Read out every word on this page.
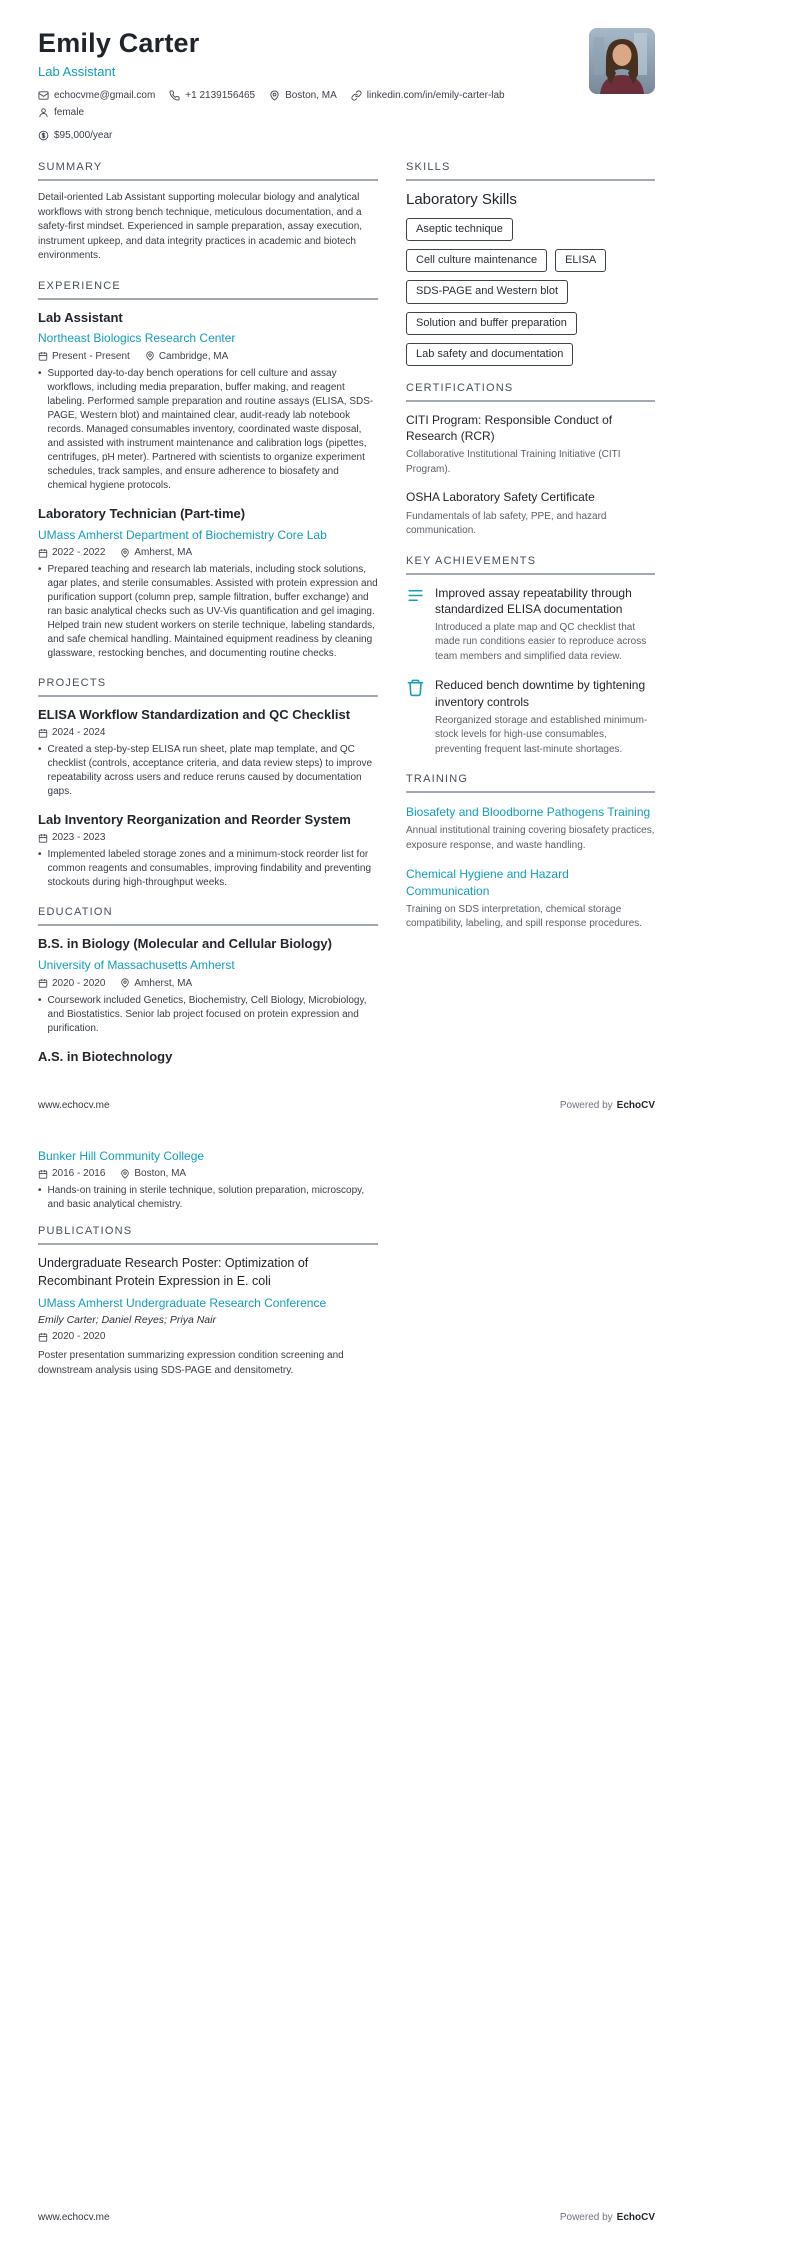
Emily Carter
Lab Assistant
echocvme@gmail.com	+1 2139156465	Boston, MA	linkedin.com/in/emily-carter-lab
female
$95,000/year
SUMMARY

Detail-oriented Lab Assistant supporting molecular biology and analytical workflows with strong bench technique, meticulous documentation, and a safety-first mindset. Experienced in sample preparation, assay execution, instrument upkeep, and data integrity practices in academic and biotech environments.

EXPERIENCE
Lab Assistant
Northeast Biologics Research Center
Present - Present	Cambridge, MA
• Supported day-to-day bench operations for cell culture and assay workflows, including media preparation, buffer making, and reagent labeling. Performed sample preparation and routine assays (ELISA, SDS-PAGE, Western blot) and maintained clear, audit-ready lab notebook records. Managed consumables inventory, coordinated waste disposal, and assisted with instrument maintenance and calibration logs (pipettes, centrifuges, pH meter). Partnered with scientists to organize experiment schedules, track samples, and ensure adherence to biosafety and chemical hygiene protocols.
Laboratory Technician (Part-time)
UMass Amherst Department of Biochemistry Core Lab
2022 - 2022	Amherst, MA
• Prepared teaching and research lab materials, including stock solutions, agar plates, and sterile consumables. Assisted with protein expression and purification support (column prep, sample filtration, buffer exchange) and ran basic analytical checks such as UV-Vis quantification and gel imaging. Helped train new student workers on sterile technique, labeling standards, and safe chemical handling. Maintained equipment readiness by cleaning glassware, restocking benches, and documenting routine checks.
PROJECTS
ELISA Workflow Standardization and QC Checklist
2024 - 2024
• Created a step-by-step ELISA run sheet, plate map template, and QC checklist (controls, acceptance criteria, and data review steps) to improve repeatability across users and reduce reruns caused by documentation gaps.
Lab Inventory Reorganization and Reorder System
2023 - 2023
• Implemented labeled storage zones and a minimum-stock reorder list for common reagents and consumables, improving findability and preventing stockouts during high-throughput weeks.
EDUCATION
B.S. in Biology (Molecular and Cellular Biology)
University of Massachusetts Amherst
2020 - 2020	Amherst, MA
• Coursework included Genetics, Biochemistry, Cell Biology, Microbiology, and Biostatistics. Senior lab project focused on protein expression and purification.
A.S. in Biotechnology
SKILLS
Laboratory Skills
Aseptic technique
Cell culture maintenance	ELISA
SDS-PAGE and Western blot
Solution and buffer preparation
Lab safety and documentation
CERTIFICATIONS
CITI Program: Responsible Conduct of Research (RCR)
Collaborative Institutional Training Initiative (CITI Program).
OSHA Laboratory Safety Certificate
Fundamentals of lab safety, PPE, and hazard communication.
KEY ACHIEVEMENTS
Improved assay repeatability through standardized ELISA documentation
Introduced a plate map and QC checklist that made run conditions easier to reproduce across team members and simplified data review.
Reduced bench downtime by tightening inventory controls
Reorganized storage and established minimum-stock levels for high-use consumables, preventing frequent last-minute shortages.
TRAINING
Biosafety and Bloodborne Pathogens Training
Annual institutional training covering biosafety practices, exposure response, and waste handling.
Chemical Hygiene and Hazard Communication
Training on SDS interpretation, chemical storage compatibility, labeling, and spill response procedures.
www.echocv.me	Powered by EchoCV
Bunker Hill Community College
2016 - 2016	Boston, MA
• Hands-on training in sterile technique, solution preparation, microscopy, and basic analytical chemistry.
PUBLICATIONS
Undergraduate Research Poster: Optimization of Recombinant Protein Expression in E. coli
UMass Amherst Undergraduate Research Conference
Emily Carter; Daniel Reyes; Priya Nair
2020 - 2020
Poster presentation summarizing expression condition screening and downstream analysis using SDS-PAGE and densitometry.
www.echocv.me	Powered by EchoCV
